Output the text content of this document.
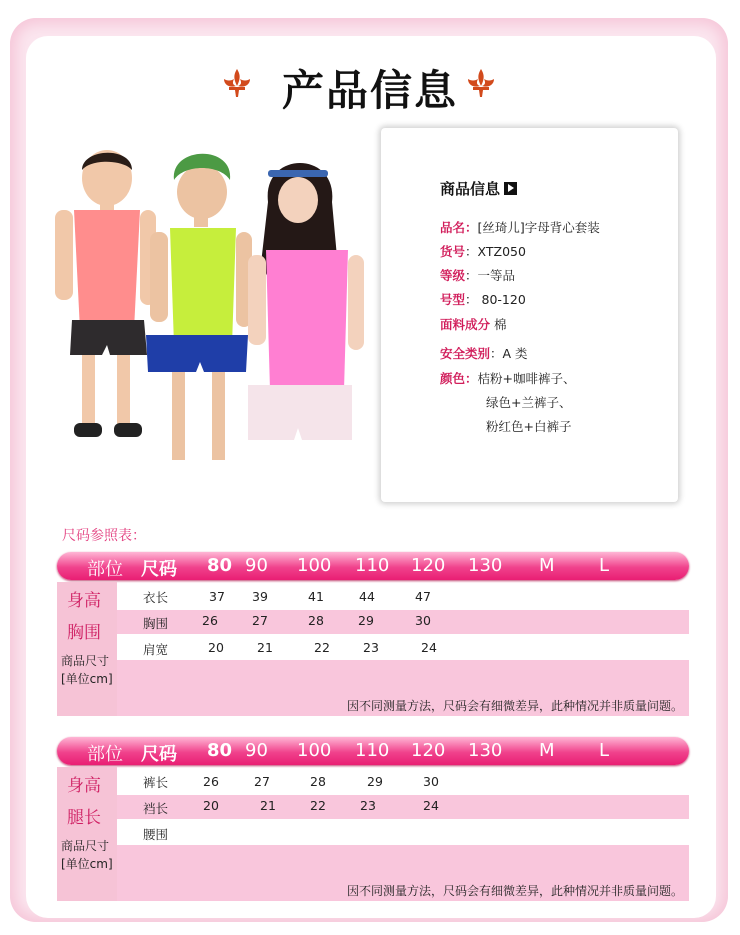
产品信息
商品信息
品名：[丝琦儿]字母背心套装
货号：XTZ050
等级：一等品
号型： 80-120
面料成分 棉
安全类别：A 类
颜色：桔粉+咖啡裤子、
绿色+兰裤子、
粉红色+白裤子
尺码参照表：
部位 尺码 80 90 100 110 120 130 M L
身高
胸围
商品尺寸
[单位cm]
衣长	37 39	41	44	47
胸围	26	27	28	29	30
肩宽	20	21	22	23	24
因不同测量方法，尺码会有细微差异，此种情况并非质量问题。
部位 尺码 80 90 100 110 120 130 M L
身高
腿长
商品尺寸
[单位cm]
裤长	26	27	28	29	30
裆长	20	21	22	23	24
腰围
因不同测量方法，尺码会有细微差异，此种情况并非质量问题。
